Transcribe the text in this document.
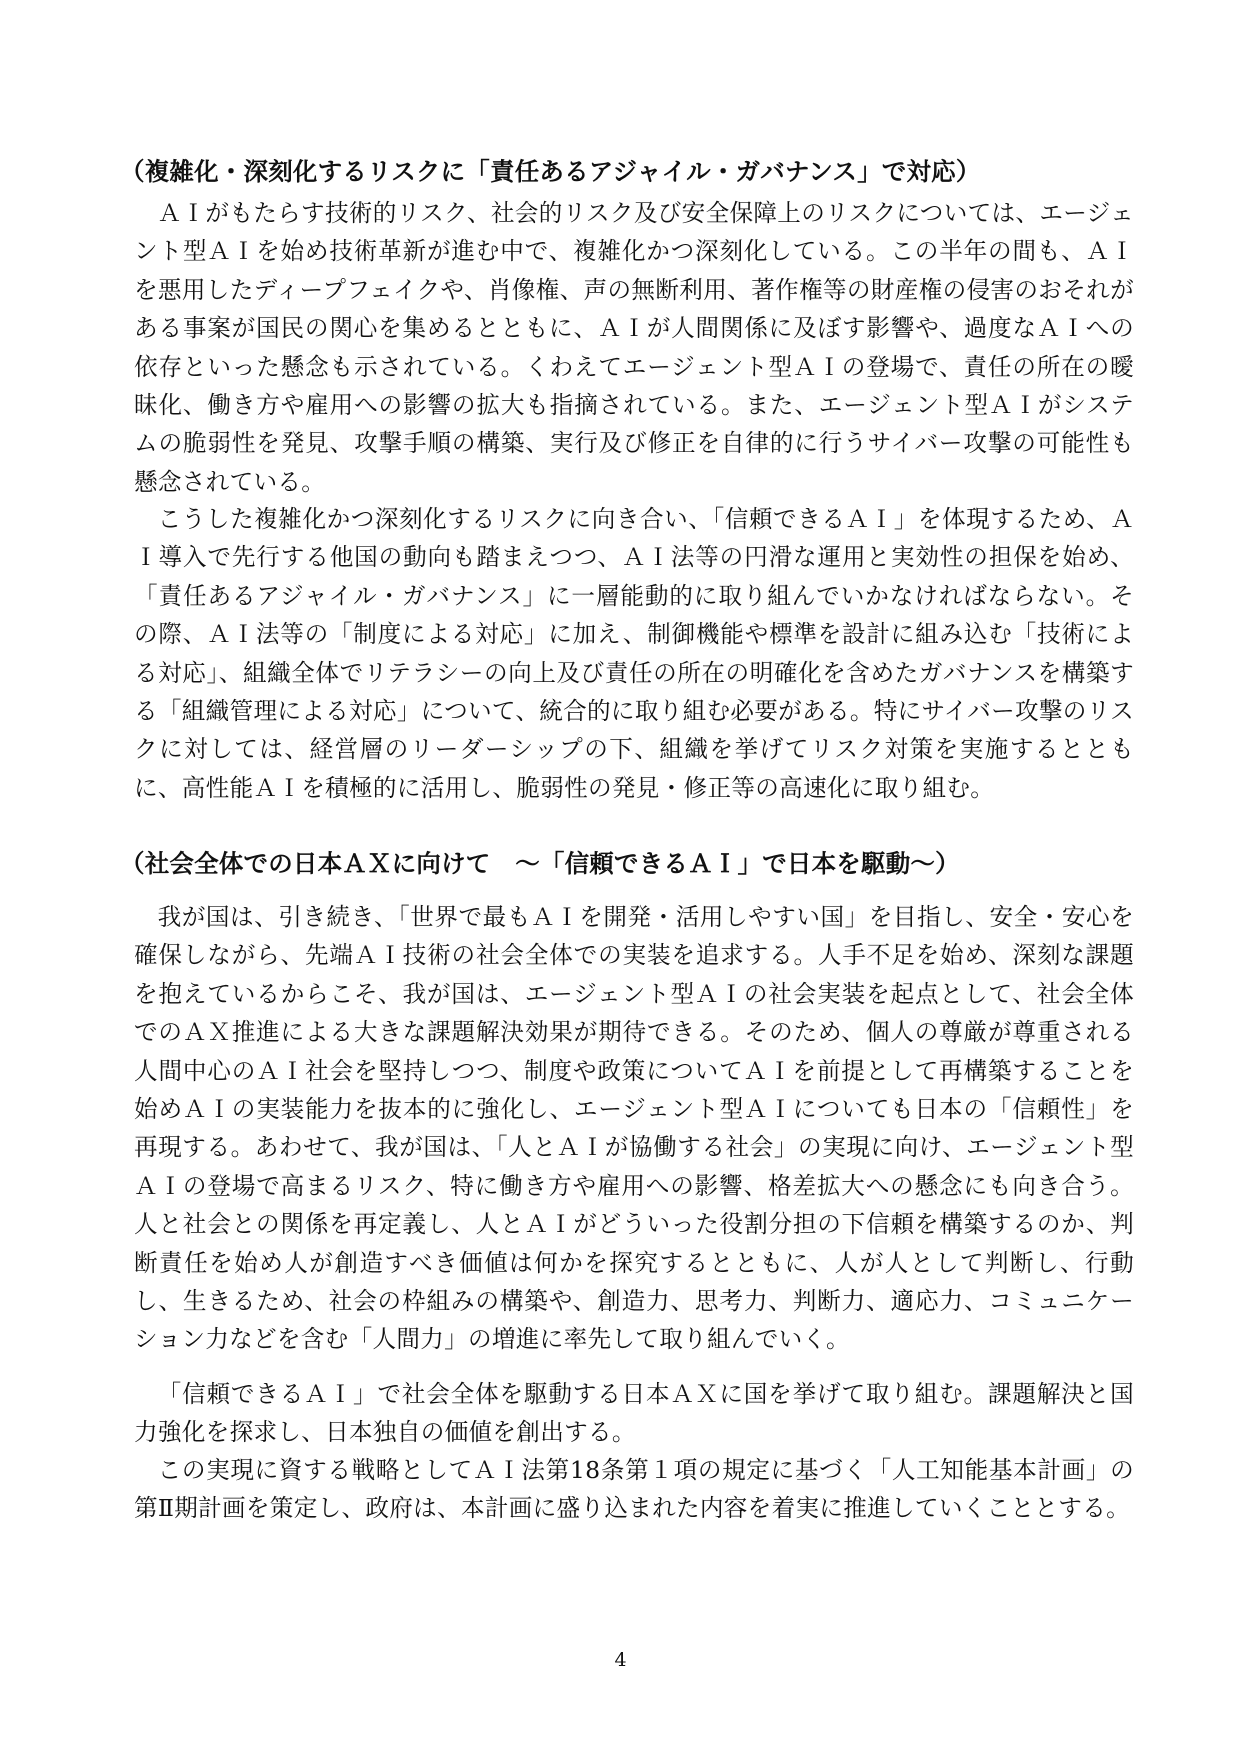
（複雑化・深刻化するリスクに「責任あるアジャイル・ガバナンス」で対応）

ＡＩがもたらす技術的リスク、社会的リスク及び安全保障上のリスクについては、エージェント型ＡＩを始め技術革新が進む中で、複雑化かつ深刻化している。この半年の間も、ＡＩを悪用したディープフェイクや、肖像権、声の無断利用、著作権等の財産権の侵害のおそれがある事案が国民の関心を集めるとともに、ＡＩが人間関係に及ぼす影響や、過度なＡＩへの依存といった懸念も示されている。くわえてエージェント型ＡＩの登場で、責任の所在の曖昧化、働き方や雇用への影響の拡大も指摘されている。また、エージェント型ＡＩがシステムの脆弱性を発見、攻撃手順の構築、実行及び修正を自律的に行うサイバー攻撃の可能性も懸念されている。

こうした複雑化かつ深刻化するリスクに向き合い、「信頼できるＡＩ」を体現するため、ＡＩ導入で先行する他国の動向も踏まえつつ、ＡＩ法等の円滑な運用と実効性の担保を始め、「責任あるアジャイル・ガバナンス」に一層能動的に取り組んでいかなければならない。その際、ＡＩ法等の「制度による対応」に加え、制御機能や標準を設計に組み込む「技術による対応」、組織全体でリテラシーの向上及び責任の所在の明確化を含めたガバナンスを構築する「組織管理による対応」について、統合的に取り組む必要がある。特にサイバー攻撃のリスクに対しては、経営層のリーダーシップの下、組織を挙げてリスク対策を実施するとともに、高性能ＡＩを積極的に活用し、脆弱性の発見・修正等の高速化に取り組む。

（社会全体での日本ＡＸに向けて　～「信頼できるＡＩ」で日本を駆動～）

我が国は、引き続き、「世界で最もＡＩを開発・活用しやすい国」を目指し、安全・安心を確保しながら、先端ＡＩ技術の社会全体での実装を追求する。人手不足を始め、深刻な課題を抱えているからこそ、我が国は、エージェント型ＡＩの社会実装を起点として、社会全体でのＡＸ推進による大きな課題解決効果が期待できる。そのため、個人の尊厳が尊重される人間中心のＡＩ社会を堅持しつつ、制度や政策についてＡＩを前提として再構築することを始めＡＩの実装能力を抜本的に強化し、エージェント型ＡＩについても日本の「信頼性」を再現する。あわせて、我が国は、「人とＡＩが協働する社会」の実現に向け、エージェント型ＡＩの登場で高まるリスク、特に働き方や雇用への影響、格差拡大への懸念にも向き合う。人と社会との関係を再定義し、人とＡＩがどういった役割分担の下信頼を構築するのか、判断責任を始め人が創造すべき価値は何かを探究するとともに、人が人として判断し、行動し、生きるため、社会の枠組みの構築や、創造力、思考力、判断力、適応力、コミュニケーション力などを含む「人間力」の増進に率先して取り組んでいく。

「信頼できるＡＩ」で社会全体を駆動する日本ＡＸに国を挙げて取り組む。課題解決と国力強化を探求し、日本独自の価値を創出する。

この実現に資する戦略としてＡＩ法第18条第１項の規定に基づく「人工知能基本計画」の第Ⅱ期計画を策定し、政府は、本計画に盛り込まれた内容を着実に推進していくこととする。

4
